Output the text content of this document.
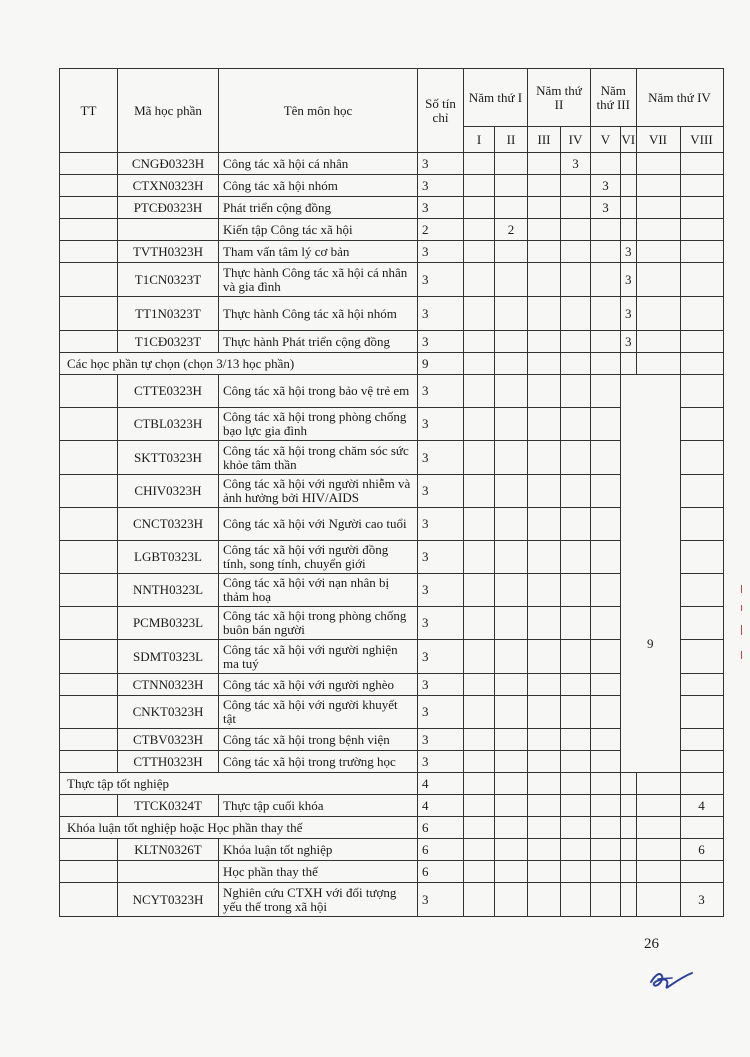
TT	Mã học phần	Tên môn học	Số tín chỉ	Năm thứ I		Năm thứ II		Năm thứ III		Năm thứ IV	
				I	II	III	IV	V	VI	VII	VIII
	CNGĐ0323H	Công tác xã hội cá nhân	3				3				
	CTXN0323H	Công tác xã hội nhóm	3					3			
	PTCĐ0323H	Phát triển cộng đồng	3					3			
		Kiến tập Công tác xã hội	2		2						
	TVTH0323H	Tham vấn tâm lý cơ bản	3						3		
	T1CN0323T	Thực hành Công tác xã hội cá nhân và gia đình	3						3		
	TT1N0323T	Thực hành Công tác xã hội nhóm	3						3		
	T1CĐ0323T	Thực hành Phát triển cộng đồng	3						3		
Các học phần tự chọn (chọn 3/13 học phần)			9								
	CTTE0323H	Công tác xã hội trong bảo vệ trẻ em	3						9		
	CTBL0323H	Công tác xã hội trong phòng chống bạo lực gia đình	3								
	SKTT0323H	Công tác xã hội trong chăm sóc sức khỏe tâm thần	3								
	CHIV0323H	Công tác xã hội với người nhiễm và ảnh hưởng bởi HIV/AIDS	3								
	CNCT0323H	Công tác xã hội với Người cao tuổi	3								
	LGBT0323L	Công tác xã hội với người đồng tính, song tính, chuyển giới	3								
	NNTH0323L	Công tác xã hội với nạn nhân bị thảm hoạ	3								
	PCMB0323L	Công tác xã hội trong phòng chống buôn bán người	3								
	SDMT0323L	Công tác xã hội với người nghiện ma tuý	3								
	CTNN0323H	Công tác xã hội với người nghèo	3								
	CNKT0323H	Công tác xã hội với người khuyết tật	3								
	CTBV0323H	Công tác xã hội trong bệnh viện	3								
	CTTH0323H	Công tác xã hội trong trường học	3								
Thực tập tốt nghiệp			4								
	TTCK0324T	Thực tập cuối khóa	4								4
Khóa luận tốt nghiệp hoặc Học phần thay thế			6								
	KLTN0326T	Khóa luận tốt nghiệp	6								6
		Học phần thay thế	6								
	NCYT0323H	Nghiên cứu CTXH với đối tượng yếu thế trong xã hội	3								3
26
